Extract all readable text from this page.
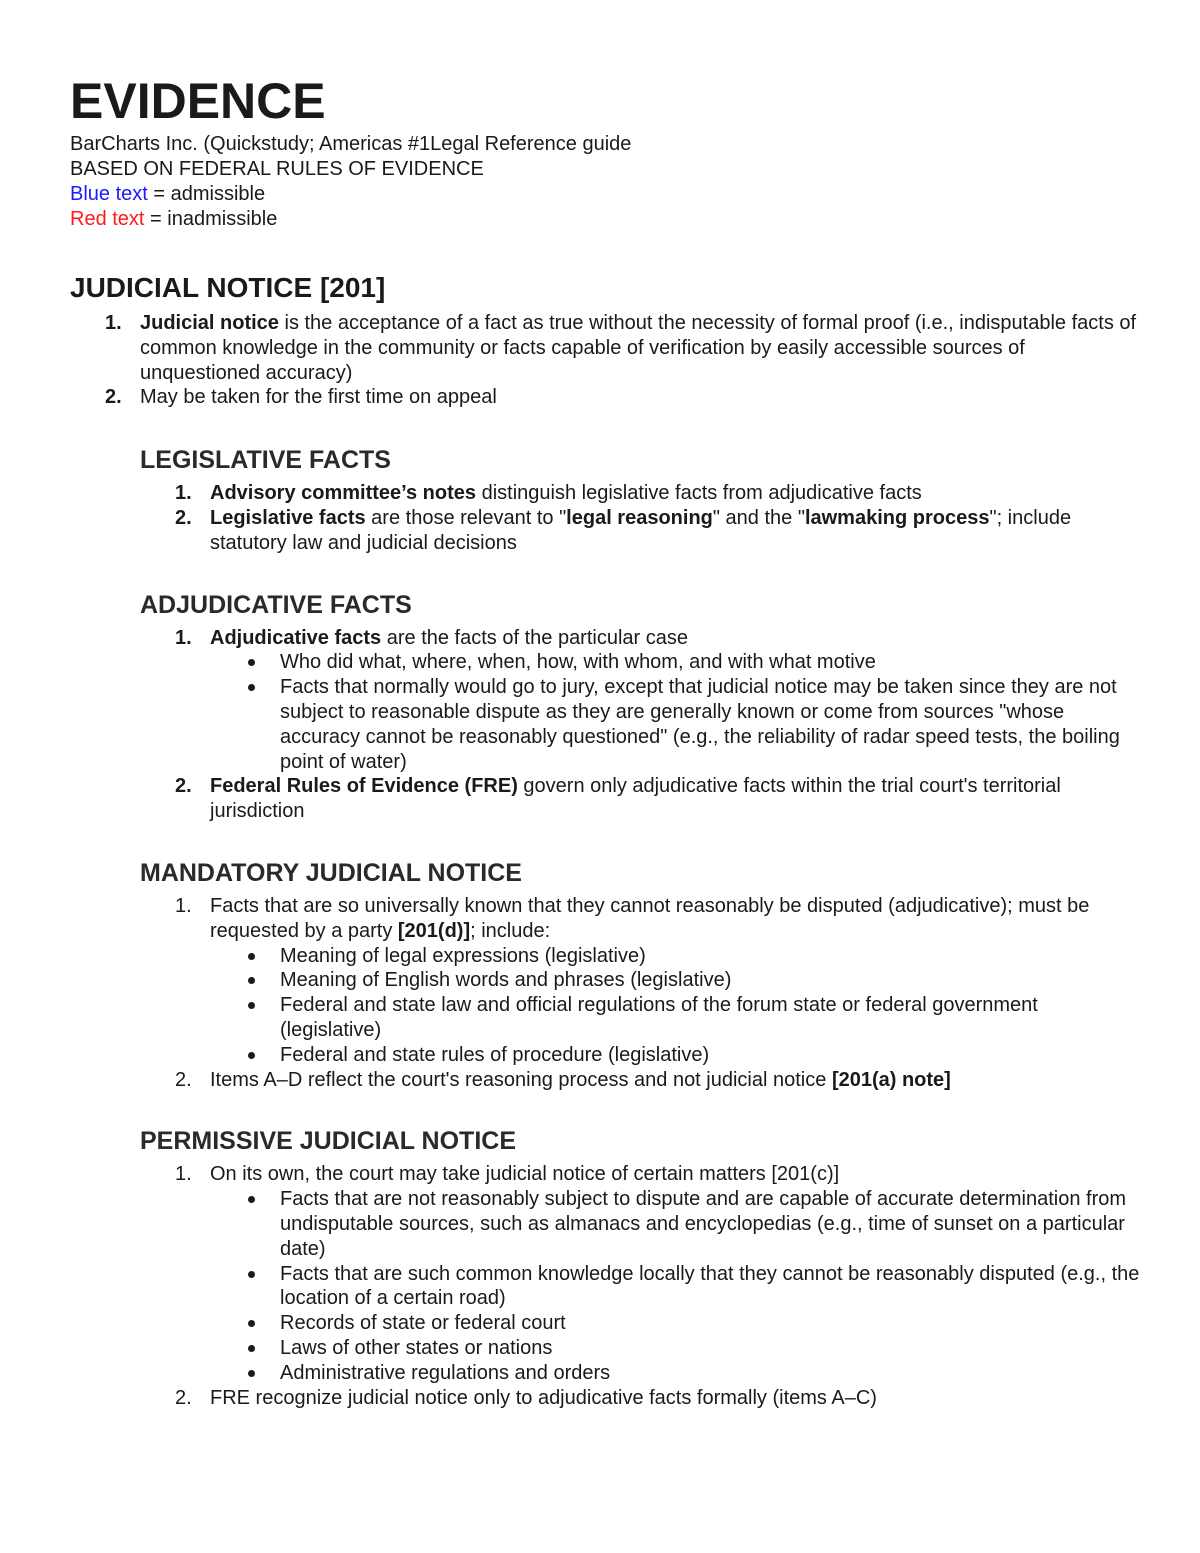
EVIDENCE
BarCharts Inc. (Quickstudy; Americas #1Legal Reference guide
BASED ON FEDERAL RULES OF EVIDENCE
Blue text = admissible
Red text = inadmissible
JUDICIAL NOTICE [201]
1. Judicial notice is the acceptance of a fact as true without the necessity of formal proof (i.e., indisputable facts of common knowledge in the community or facts capable of verification by easily accessible sources of unquestioned accuracy)
2. May be taken for the first time on appeal
LEGISLATIVE FACTS
1. Advisory committee’s notes distinguish legislative facts from adjudicative facts
2. Legislative facts are those relevant to "legal reasoning" and the "lawmaking process"; include statutory law and judicial decisions
ADJUDICATIVE FACTS
1. Adjudicative facts are the facts of the particular case
Who did what, where, when, how, with whom, and with what motive
Facts that normally would go to jury, except that judicial notice may be taken since they are not subject to reasonable dispute as they are generally known or come from sources "whose accuracy cannot be reasonably questioned" (e.g., the reliability of radar speed tests, the boiling point of water)
2. Federal Rules of Evidence (FRE) govern only adjudicative facts within the trial court's territorial jurisdiction
MANDATORY JUDICIAL NOTICE
1. Facts that are so universally known that they cannot reasonably be disputed (adjudicative); must be requested by a party [201(d)]; include:
Meaning of legal expressions (legislative)
Meaning of English words and phrases (legislative)
Federal and state law and official regulations of the forum state or federal government (legislative)
Federal and state rules of procedure (legislative)
2. Items A–D reflect the court's reasoning process and not judicial notice [201(a) note]
PERMISSIVE JUDICIAL NOTICE
1. On its own, the court may take judicial notice of certain matters [201(c)]
Facts that are not reasonably subject to dispute and are capable of accurate determination from undisputable sources, such as almanacs and encyclopedias (e.g., time of sunset on a particular date)
Facts that are such common knowledge locally that they cannot be reasonably disputed (e.g., the location of a certain road)
Records of state or federal court
Laws of other states or nations
Administrative regulations and orders
2. FRE recognize judicial notice only to adjudicative facts formally (items A–C)
